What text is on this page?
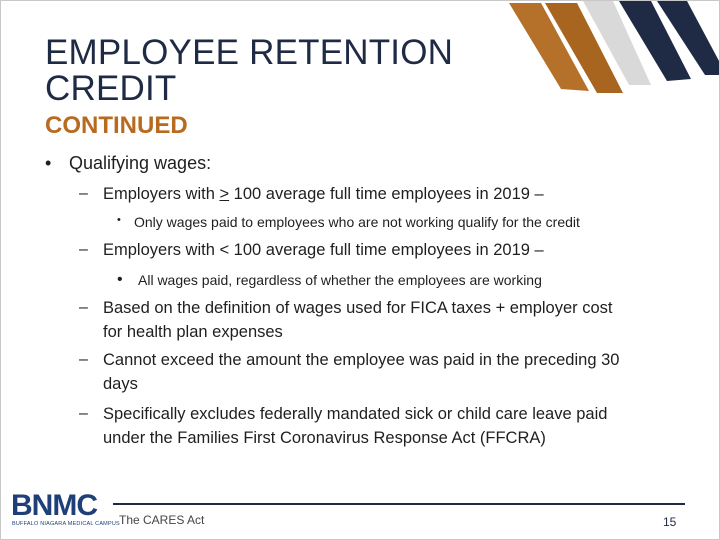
EMPLOYEE RETENTION
CREDIT
CONTINUED
• Qualifying wages:
– Employers with ≥ 100 average full time employees in 2019 –
• Only wages paid to employees who are not working qualify for the credit
– Employers with < 100 average full time employees in 2019 –
• All wages paid, regardless of whether the employees are working
– Based on the definition of wages used for FICA taxes + employer cost
for health plan expenses
– Cannot exceed the amount the employee was paid in the preceding 30
days
– Specifically excludes federally mandated sick or child care leave paid
under the Families First Coronavirus Response Act (FFCRA)
BNMC
BUFFALO NIAGARA MEDICAL CAMPUS The CARES Act	15
